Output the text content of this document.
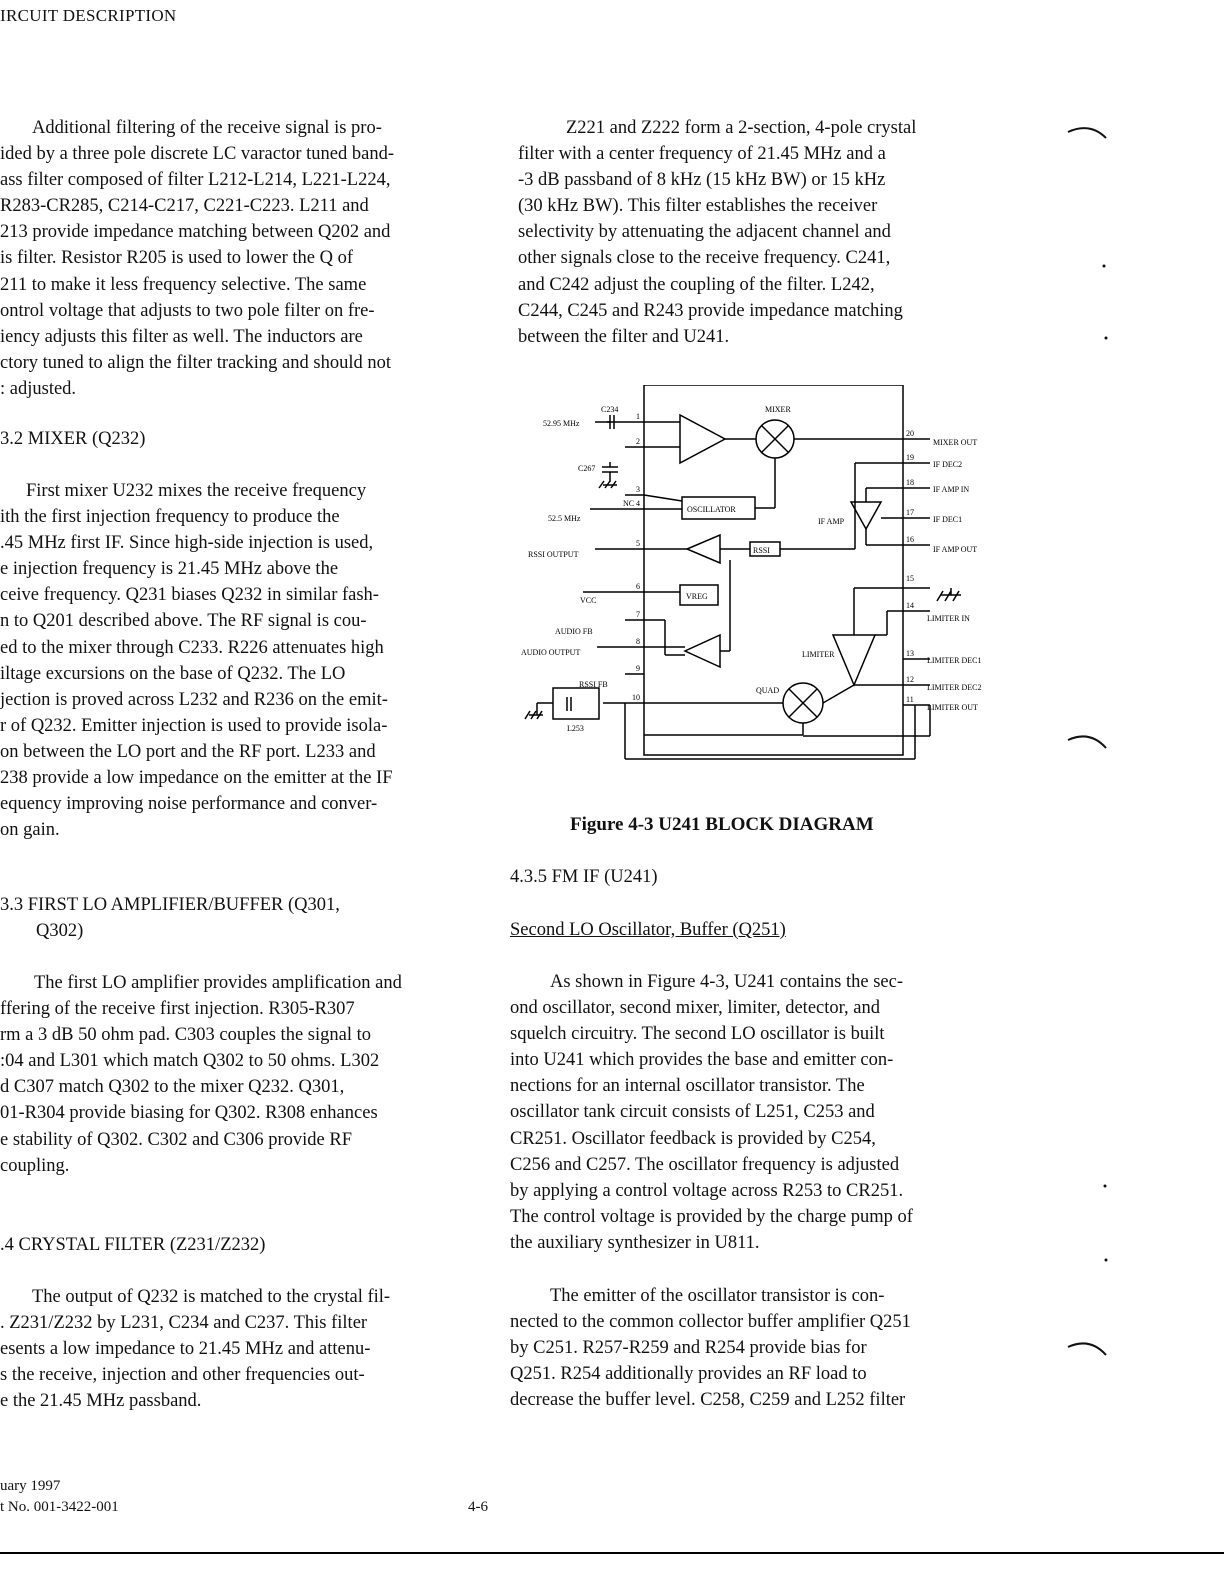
IRCUIT DESCRIPTION

Additional filtering of the receive signal is pro-

ided by a three pole discrete LC varactor tuned band-

ass filter composed of filter L212-L214, L221-L224,

R283-CR285, C214-C217, C221-C223. L211 and

213 provide impedance matching between Q202 and

is filter. Resistor R205 is used to lower the Q of

211 to make it less frequency selective. The same

ontrol voltage that adjusts to two pole filter on fre-

iency adjusts this filter as well. The inductors are

ctory tuned to align the filter tracking and should not

: adjusted.

3.2 MIXER (Q232)

First mixer U232 mixes the receive frequency

ith the first injection frequency to produce the

.45 MHz first IF. Since high-side injection is used,

e injection frequency is 21.45 MHz above the

ceive frequency. Q231 biases Q232 in similar fash-

n to Q201 described above. The RF signal is cou-

ed to the mixer through C233. R226 attenuates high

iltage excursions on the base of Q232. The LO

jection is proved across L232 and R236 on the emit-

r of Q232. Emitter injection is used to provide isola-

on between the LO port and the RF port. L233 and

238 provide a low impedance on the emitter at the IF

equency improving noise performance and conver-

on gain.

3.3 FIRST LO AMPLIFIER/BUFFER (Q301,
Q302)

The first LO amplifier provides amplification and

ffering of the receive first injection. R305-R307

rm a 3 dB 50 ohm pad. C303 couples the signal to

:04 and L301 which match Q302 to 50 ohms. L302

d C307 match Q302 to the mixer Q232. Q301,

01-R304 provide biasing for Q302. R308 enhances

e stability of Q302. C302 and C306 provide RF

coupling.

.4 CRYSTAL FILTER (Z231/Z232)

The output of Q232 is matched to the crystal fil-

. Z231/Z232 by L231, C234 and C237. This filter

esents a low impedance to 21.45 MHz and attenu-

s the receive, injection and other frequencies out-

e the 21.45 MHz passband.

Z221 and Z222 form a 2-section, 4-pole crystal

filter with a center frequency of 21.45 MHz and a

-3 dB passband of 8 kHz (15 kHz BW) or 15 kHz

(30 kHz BW). This filter establishes the receiver

selectivity by attenuating the adjacent channel and

other signals close to the receive frequency. C241,

and C242 adjust the coupling of the filter. L242,

C244, C245 and R243 provide impedance matching

between the filter and U241.

C234
52.95 MHz
C267
NC
52.5 MHz
RSSI OUTPUT
VCC
AUDIO FB
AUDIO OUTPUT
RSSI FB
L253
MIXER
OSCILLATOR
RSSI
VREG
IF AMP
LIMITER
QUAD
MIXER OUT
IF DEC2
IF AMP IN
IF DEC1
IF AMP OUT
LIMITER IN
LIMITER DEC1
LIMITER DEC2
LIMITER OUT
1
2
3
4
5
6
7
8
9
10
20
19
18
17
16
15
14
13
12
11
Figure 4-3 U241 BLOCK DIAGRAM
4.3.5 FM IF (U241)
Second LO Oscillator, Buffer (Q251)

As shown in Figure 4-3, U241 contains the sec-

ond oscillator, second mixer, limiter, detector, and

squelch circuitry. The second LO oscillator is built

into U241 which provides the base and emitter con-

nections for an internal oscillator transistor. The

oscillator tank circuit consists of L251, C253 and

CR251. Oscillator feedback is provided by C254,

C256 and C257. The oscillator frequency is adjusted

by applying a control voltage across R253 to CR251.

The control voltage is provided by the charge pump of

the auxiliary synthesizer in U811.

The emitter of the oscillator transistor is con-

nected to the common collector buffer amplifier Q251

by C251. R257-R259 and R254 provide bias for

Q251. R254 additionally provides an RF load to

decrease the buffer level. C258, C259 and L252 filter

uary 1997
t No. 001-3422-001	4-6
